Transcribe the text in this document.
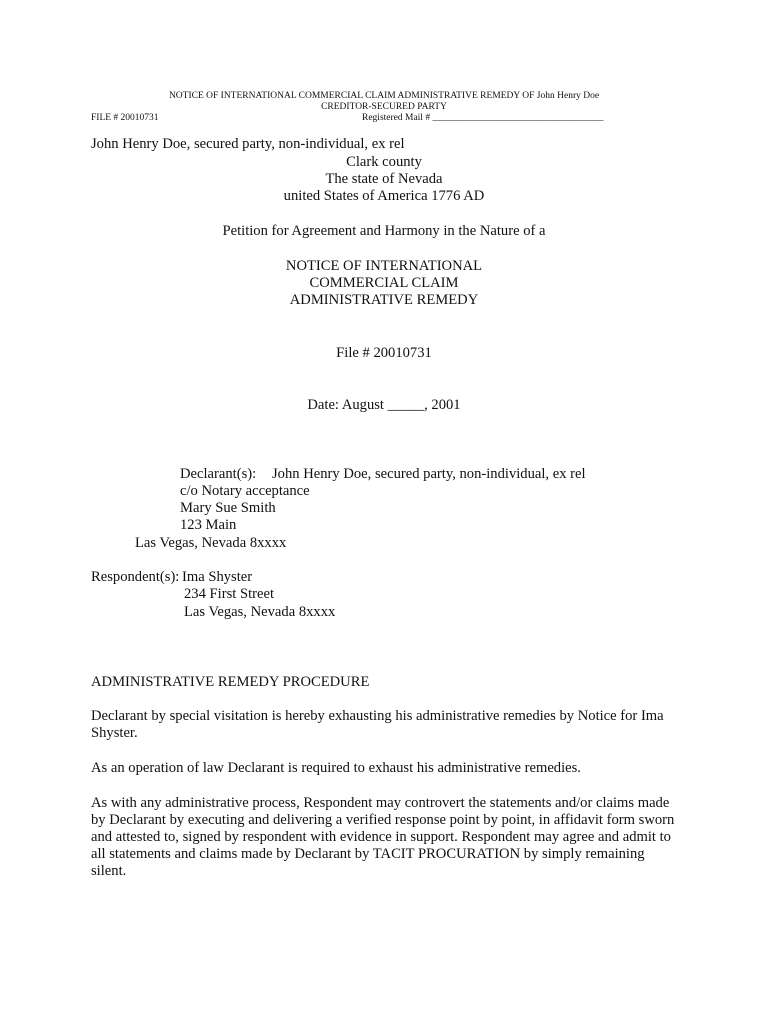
NOTICE OF INTERNATIONAL COMMERCIAL CLAIM ADMINISTRATIVE REMEDY OF John Henry Doe
CREDITOR-SECURED PARTY
FILE # 20010731	Registered Mail # ____________________________________
John Henry Doe, secured party, non-individual, ex rel
Clark county
The state of Nevada
united States of America 1776 AD
Petition for Agreement and Harmony in the Nature of a
NOTICE OF INTERNATIONAL
COMMERCIAL CLAIM
ADMINISTRATIVE REMEDY
File # 20010731
Date: August _____, 2001
Declarant(s): John Henry Doe, secured party, non-individual, ex rel
c/o Notary acceptance
Mary Sue Smith
123 Main
Las Vegas, Nevada 8xxxx
Respondent(s): Ima Shyster
234 First Street
Las Vegas, Nevada 8xxxx
ADMINISTRATIVE REMEDY PROCEDURE
Declarant by special visitation is hereby exhausting his administrative remedies by Notice for Ima Shyster.
As an operation of law Declarant is required to exhaust his administrative remedies.
As with any administrative process, Respondent may controvert the statements and/or claims made by Declarant by executing and delivering a verified response point by point, in affidavit form sworn and attested to, signed by respondent with evidence in support. Respondent may agree and admit to all statements and claims made by Declarant by TACIT PROCURATION by simply remaining silent.
